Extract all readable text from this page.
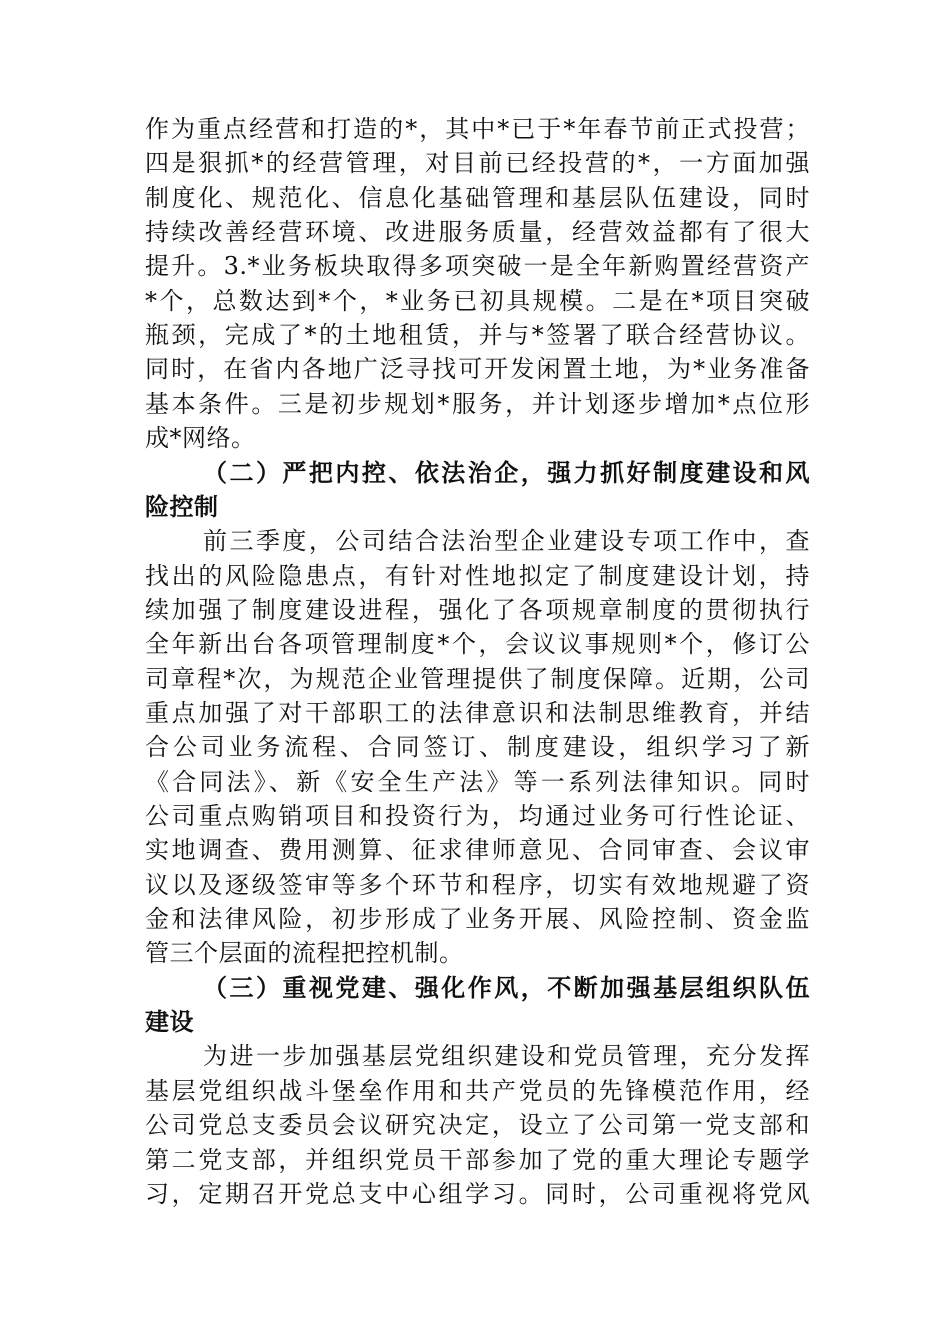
作为重点经营和打造的*，其中*已于*年春节前正式投营；
四是狠抓*的经营管理，对目前已经投营的*，一方面加强
制度化、规范化、信息化基础管理和基层队伍建设，同时
持续改善经营环境、改进服务质量，经营效益都有了很大
提升。3.*业务板块取得多项突破一是全年新购置经营资产
*个，总数达到*个，*业务已初具规模。二是在*项目突破
瓶颈，完成了*的土地租赁，并与*签署了联合经营协议。
同时，在省内各地广泛寻找可开发闲置土地，为*业务准备
基本条件。三是初步规划*服务，并计划逐步增加*点位形
成*网络。
（二）严把内控、依法治企，强力抓好制度建设和风
险控制
前三季度，公司结合法治型企业建设专项工作中，查
找出的风险隐患点，有针对性地拟定了制度建设计划，持
续加强了制度建设进程，强化了各项规章制度的贯彻执行
全年新出台各项管理制度*个，会议议事规则*个，修订公
司章程*次，为规范企业管理提供了制度保障。近期，公司
重点加强了对干部职工的法律意识和法制思维教育，并结
合公司业务流程、合同签订、制度建设，组织学习了新
《合同法》、新《安全生产法》等一系列法律知识。同时
公司重点购销项目和投资行为，均通过业务可行性论证、
实地调查、费用测算、征求律师意见、合同审查、会议审
议以及逐级签审等多个环节和程序，切实有效地规避了资
金和法律风险，初步形成了业务开展、风险控制、资金监
管三个层面的流程把控机制。
（三）重视党建、强化作风，不断加强基层组织队伍
建设
为进一步加强基层党组织建设和党员管理，充分发挥
基层党组织战斗堡垒作用和共产党员的先锋模范作用，经
公司党总支委员会议研究决定，设立了公司第一党支部和
第二党支部，并组织党员干部参加了党的重大理论专题学
习，定期召开党总支中心组学习。同时，公司重视将党风
